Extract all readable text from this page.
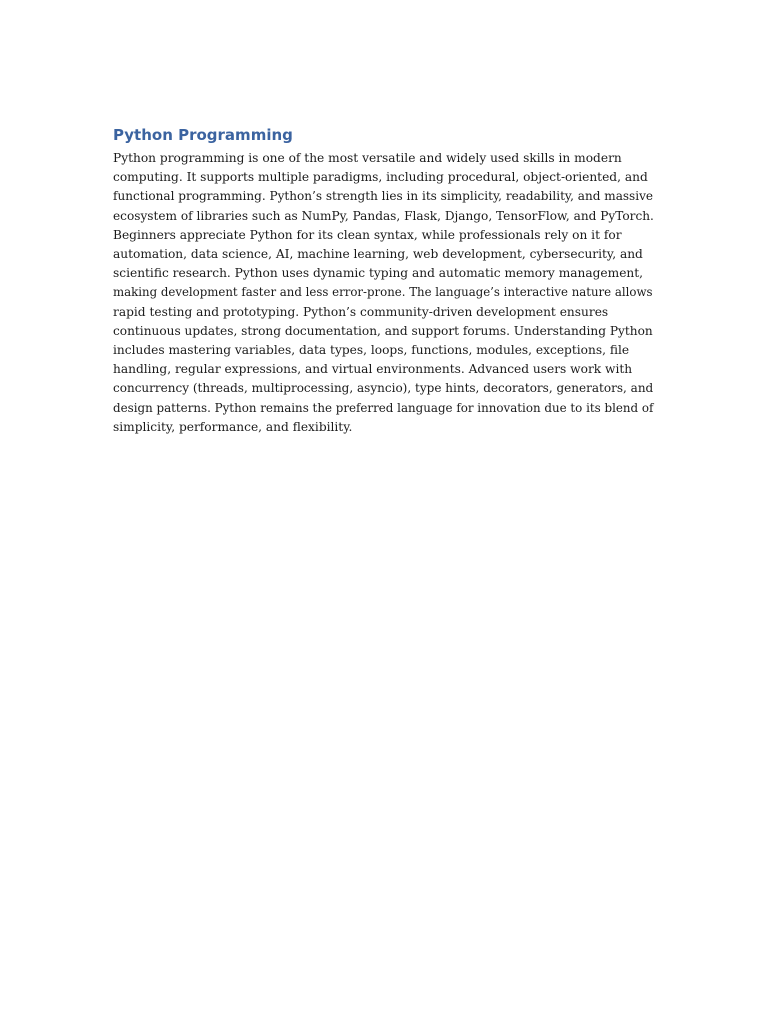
Python Programming

Python programming is one of the most versatile and widely used skills in modern
computing. It supports multiple paradigms, including procedural, object-oriented, and
functional programming. Python’s strength lies in its simplicity, readability, and massive
ecosystem of libraries such as NumPy, Pandas, Flask, Django, TensorFlow, and PyTorch.
Beginners appreciate Python for its clean syntax, while professionals rely on it for
automation, data science, AI, machine learning, web development, cybersecurity, and
scientific research. Python uses dynamic typing and automatic memory management,
making development faster and less error-prone. The language’s interactive nature allows
rapid testing and prototyping. Python’s community-driven development ensures
continuous updates, strong documentation, and support forums. Understanding Python
includes mastering variables, data types, loops, functions, modules, exceptions, file
handling, regular expressions, and virtual environments. Advanced users work with
concurrency (threads, multiprocessing, asyncio), type hints, decorators, generators, and
design patterns. Python remains the preferred language for innovation due to its blend of
simplicity, performance, and flexibility.
